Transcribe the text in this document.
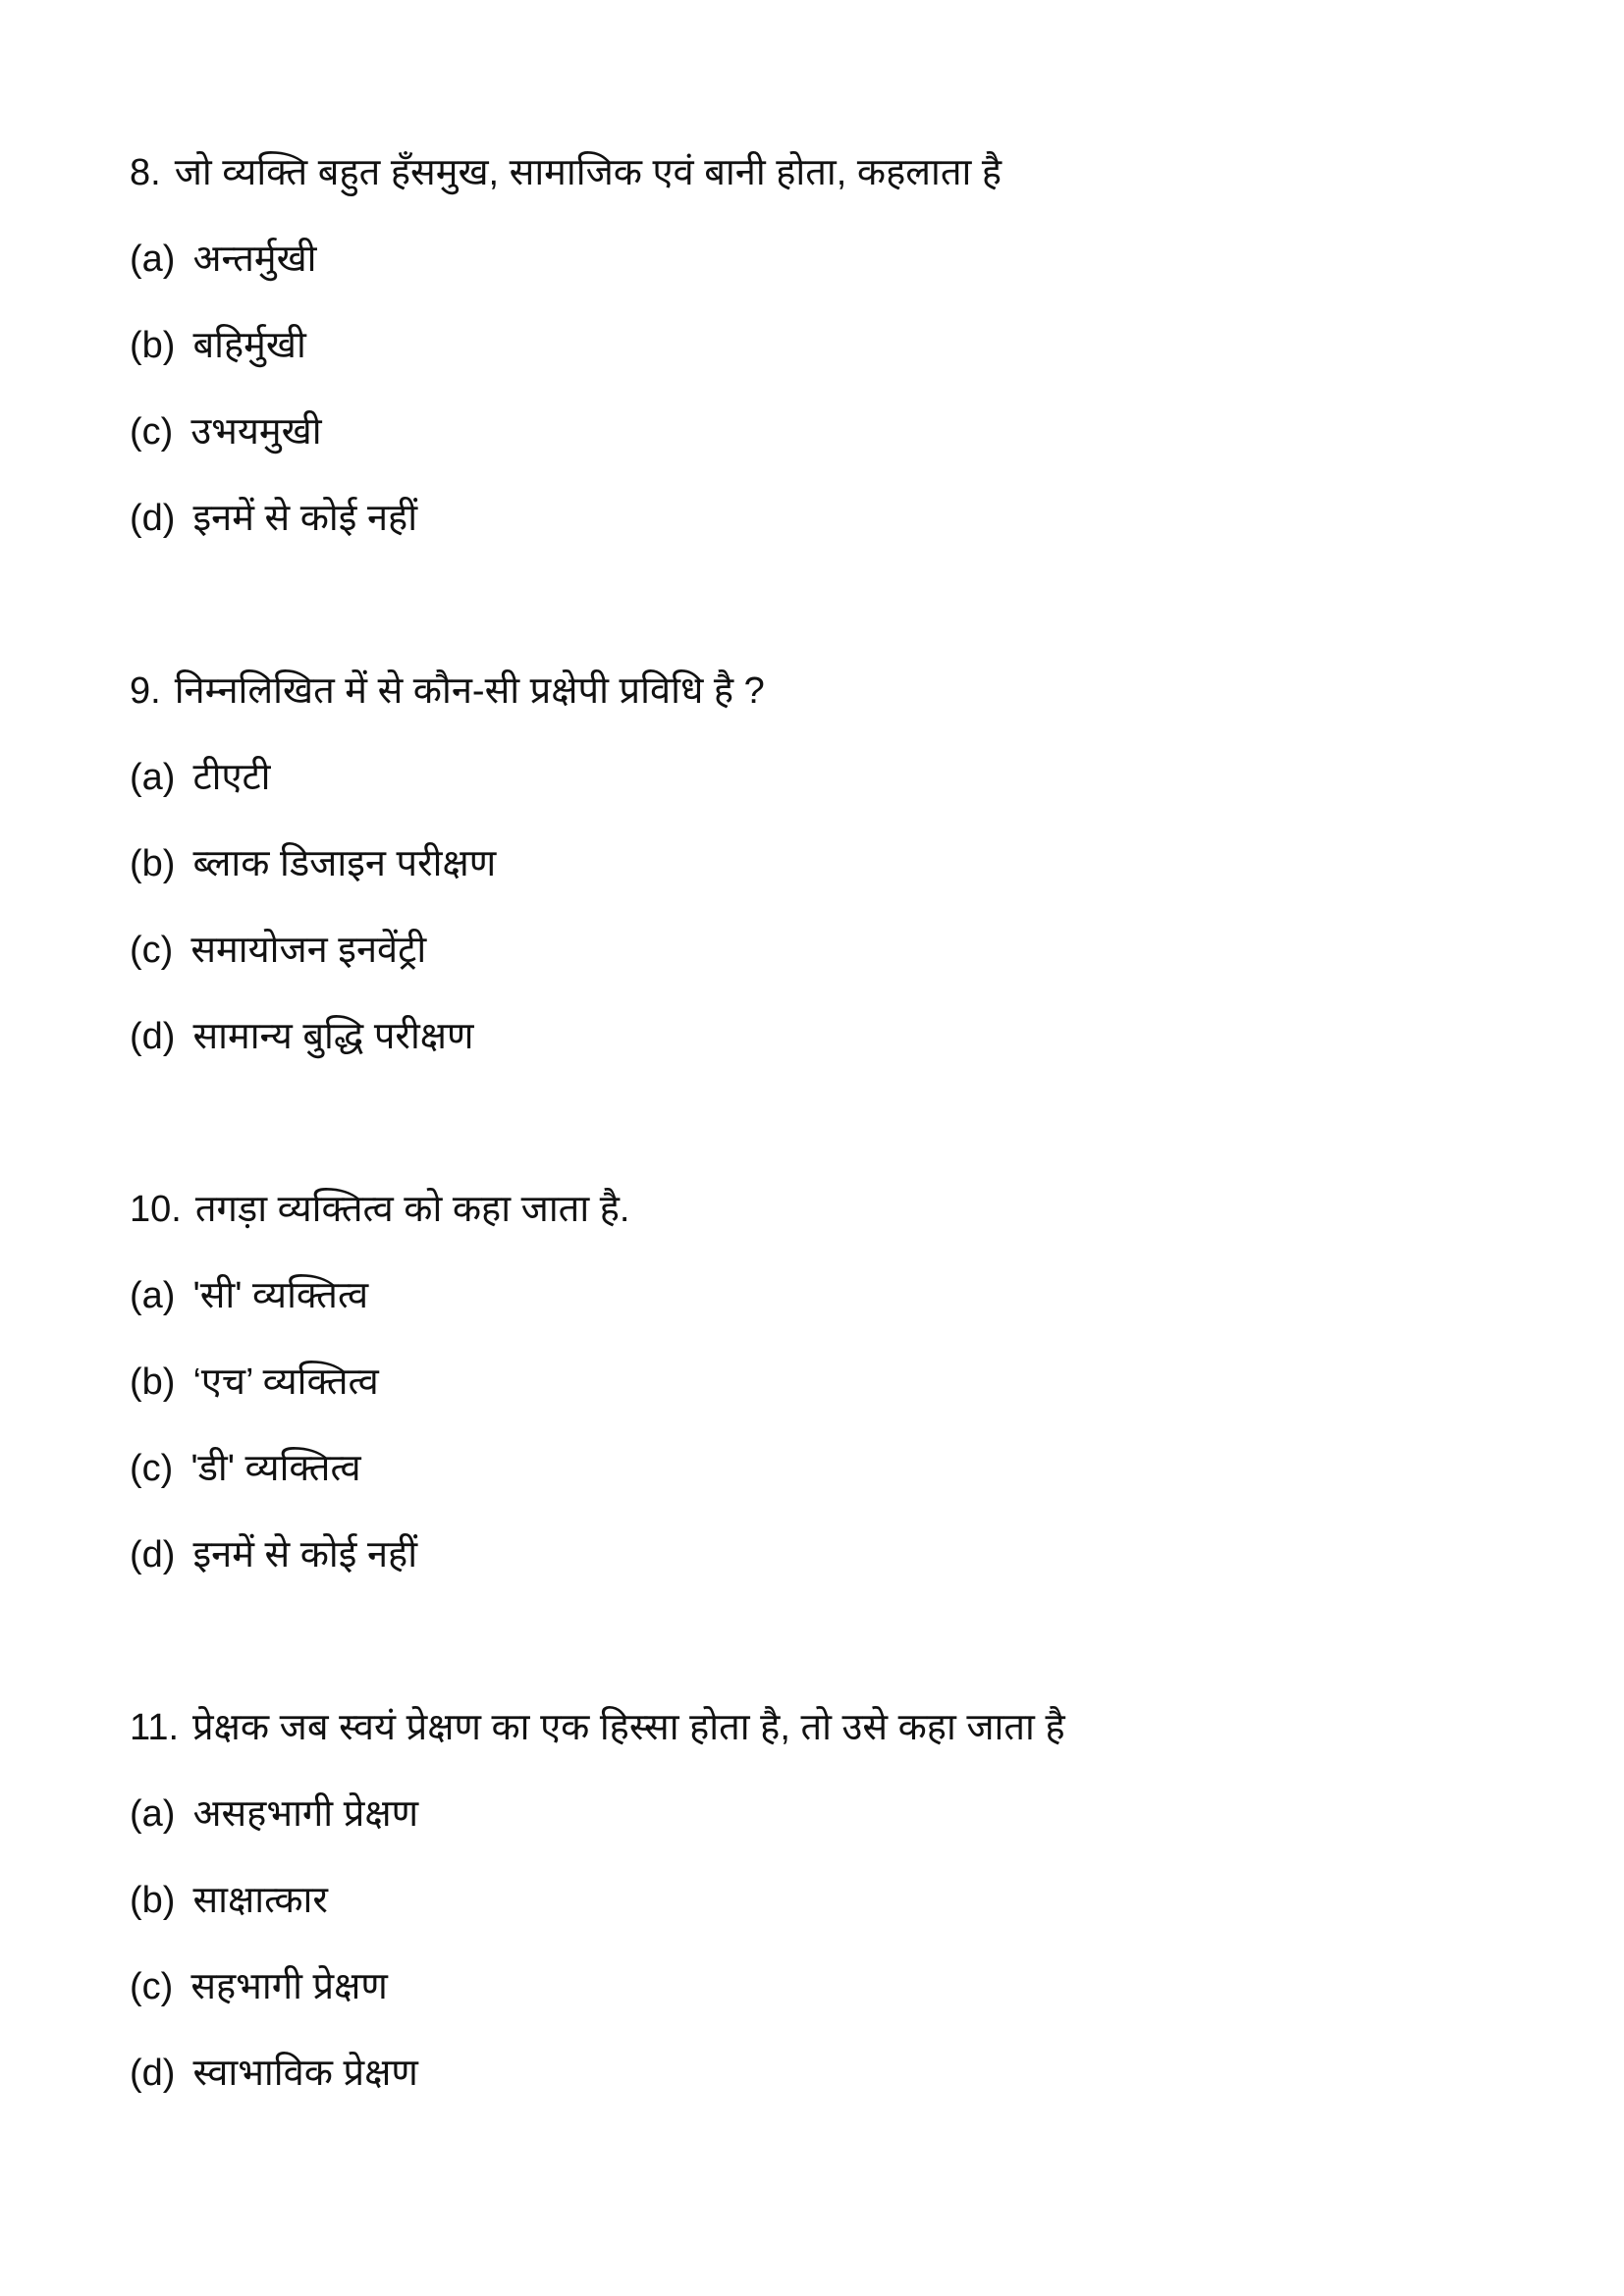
8. जो व्यक्ति बहुत हँसमुख, सामाजिक एवं बानी होता, कहलाता है
(a) अन्तर्मुखी
(b) बहिर्मुखी
(c) उभयमुखी
(d) इनमें से कोई नहीं
9. निम्नलिखित में से कौन-सी प्रक्षेपी प्रविधि है ?
(a) टीएटी
(b) ब्लाक डिजाइन परीक्षण
(c) समायोजन इनवेंट्री
(d) सामान्य बुद्धि परीक्षण
10. तगड़ा व्यक्तित्व को कहा जाता है.
(a) 'सी' व्यक्तित्व
(b) ‘एच’ व्यक्तित्व
(c) 'डी' व्यक्तित्व
(d) इनमें से कोई नहीं
11. प्रेक्षक जब स्वयं प्रेक्षण का एक हिस्सा होता है, तो उसे कहा जाता है
(a) असहभागी प्रेक्षण
(b) साक्षात्कार
(c) सहभागी प्रेक्षण
(d) स्वाभाविक प्रेक्षण
